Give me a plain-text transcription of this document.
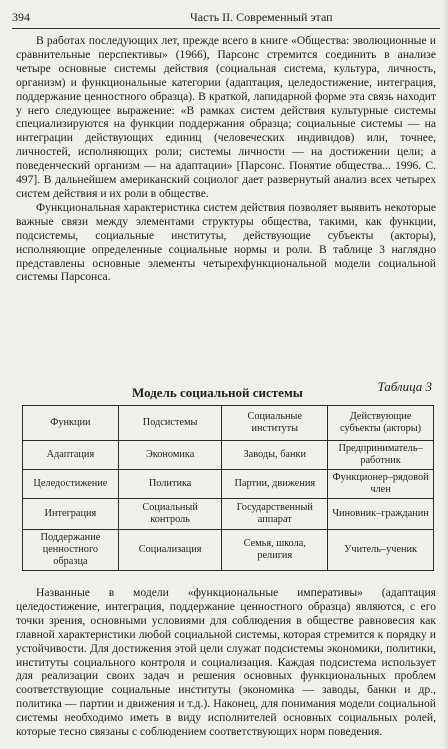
394	Часть II. Современный этап

В работах последующих лет, прежде всего в книге «Общества: эволюционные и сравнительные перспективы» (1966), Парсонс стремится соединить в анализе четыре основные системы действия (социальная система, культура, личность, организм) и функциональные категории (адаптация, целедостижение, интеграция, поддержание ценностного образца). В краткой, лапидарной форме эта связь находит у него следующее выражение: «В рамках систем действия культурные системы специализируются на функции поддержания образца; социальные системы — на интеграции действующих единиц (человеческих индивидов) или, точнее, личностей, исполняющих роли; системы личности — на достижении цели; а поведенческий организм — на адаптации» [Парсонс. Понятие общества... 1996. С. 497]. В дальнейшем американский социолог дает развернутый анализ всех четырех систем действия и их роли в обществе.

Функциональная характеристика систем действия позволяет выявить некоторые важные связи между элементами структуры общества, такими, как функции, подсистемы, социальные институты, действующие субъекты (акторы), исполняющие определенные социальные нормы и роли. В таблице 3 наглядно представлены основные элементы четырехфункциональной модели социальной системы Парсонса.

Модель социальной системы	Таблица 3
Функции	Подсистемы	Социальные институты	Действующие субъекты (акторы)
Адаптация	Экономика	Заводы, банки	Предприниматель–работник
Целедостижение	Политика	Партии, движения	Функционер–рядовой член
Интеграция	Социальный контроль	Государственный аппарат	Чиновник–гражданин
Поддержание ценностного образца	Социализация	Семья, школа, религия	Учитель–ученик

Названные в модели «функциональные императивы» (адаптация целедостижение, интеграция, поддержание ценностного образца) являются, с его точки зрения, основными условиями для соблюдения в обществе равновесия как главной характеристики любой социальной системы, которая стремится к порядку и устойчивости. Для достижения этой цели служат подсистемы экономики, политики, институты социального контроля и социализация. Каждая подсистема использует для реализации своих задач и решения основных функциональных проблем соответствующие социальные институты (экономика — заводы, банки и др., политика — партии и движения и т.д.). Наконец, для понимания модели социальной системы необходимо иметь в виду исполнителей основных социальных ролей, которые тесно связаны с соблюдением соответствующих норм поведения.
